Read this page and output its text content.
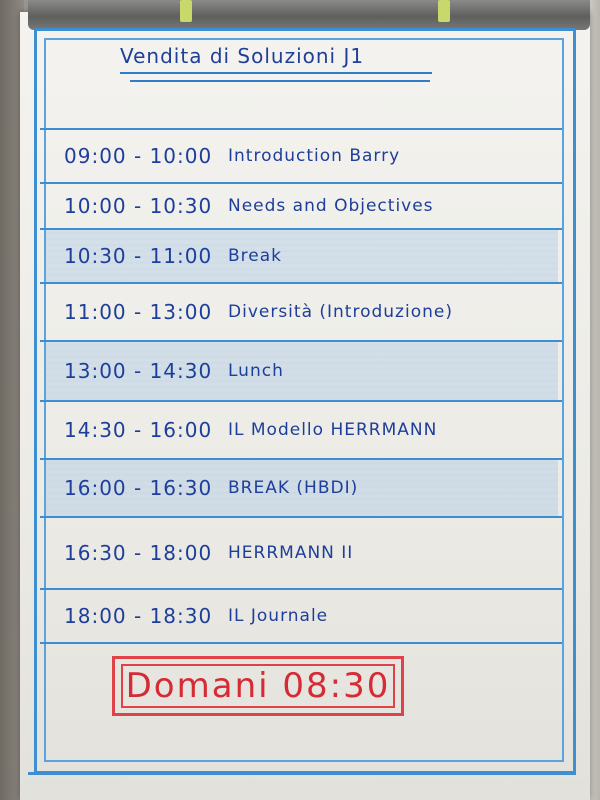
Vendita di Soluzioni J1
09:00 - 10:00 Introduction Barry
10:00 - 10:30 Needs and Objectives
10:30 - 11:00 Break
11:00 - 13:00 Diversità (Introduzione)
13:00 - 14:30 Lunch
14:30 - 16:00 IL Modello HERRMANN
16:00 - 16:30 BREAK (HBDI)
16:30 - 18:00 HERRMANN II
18:00 - 18:30 IL Journale
Domani 08:30
